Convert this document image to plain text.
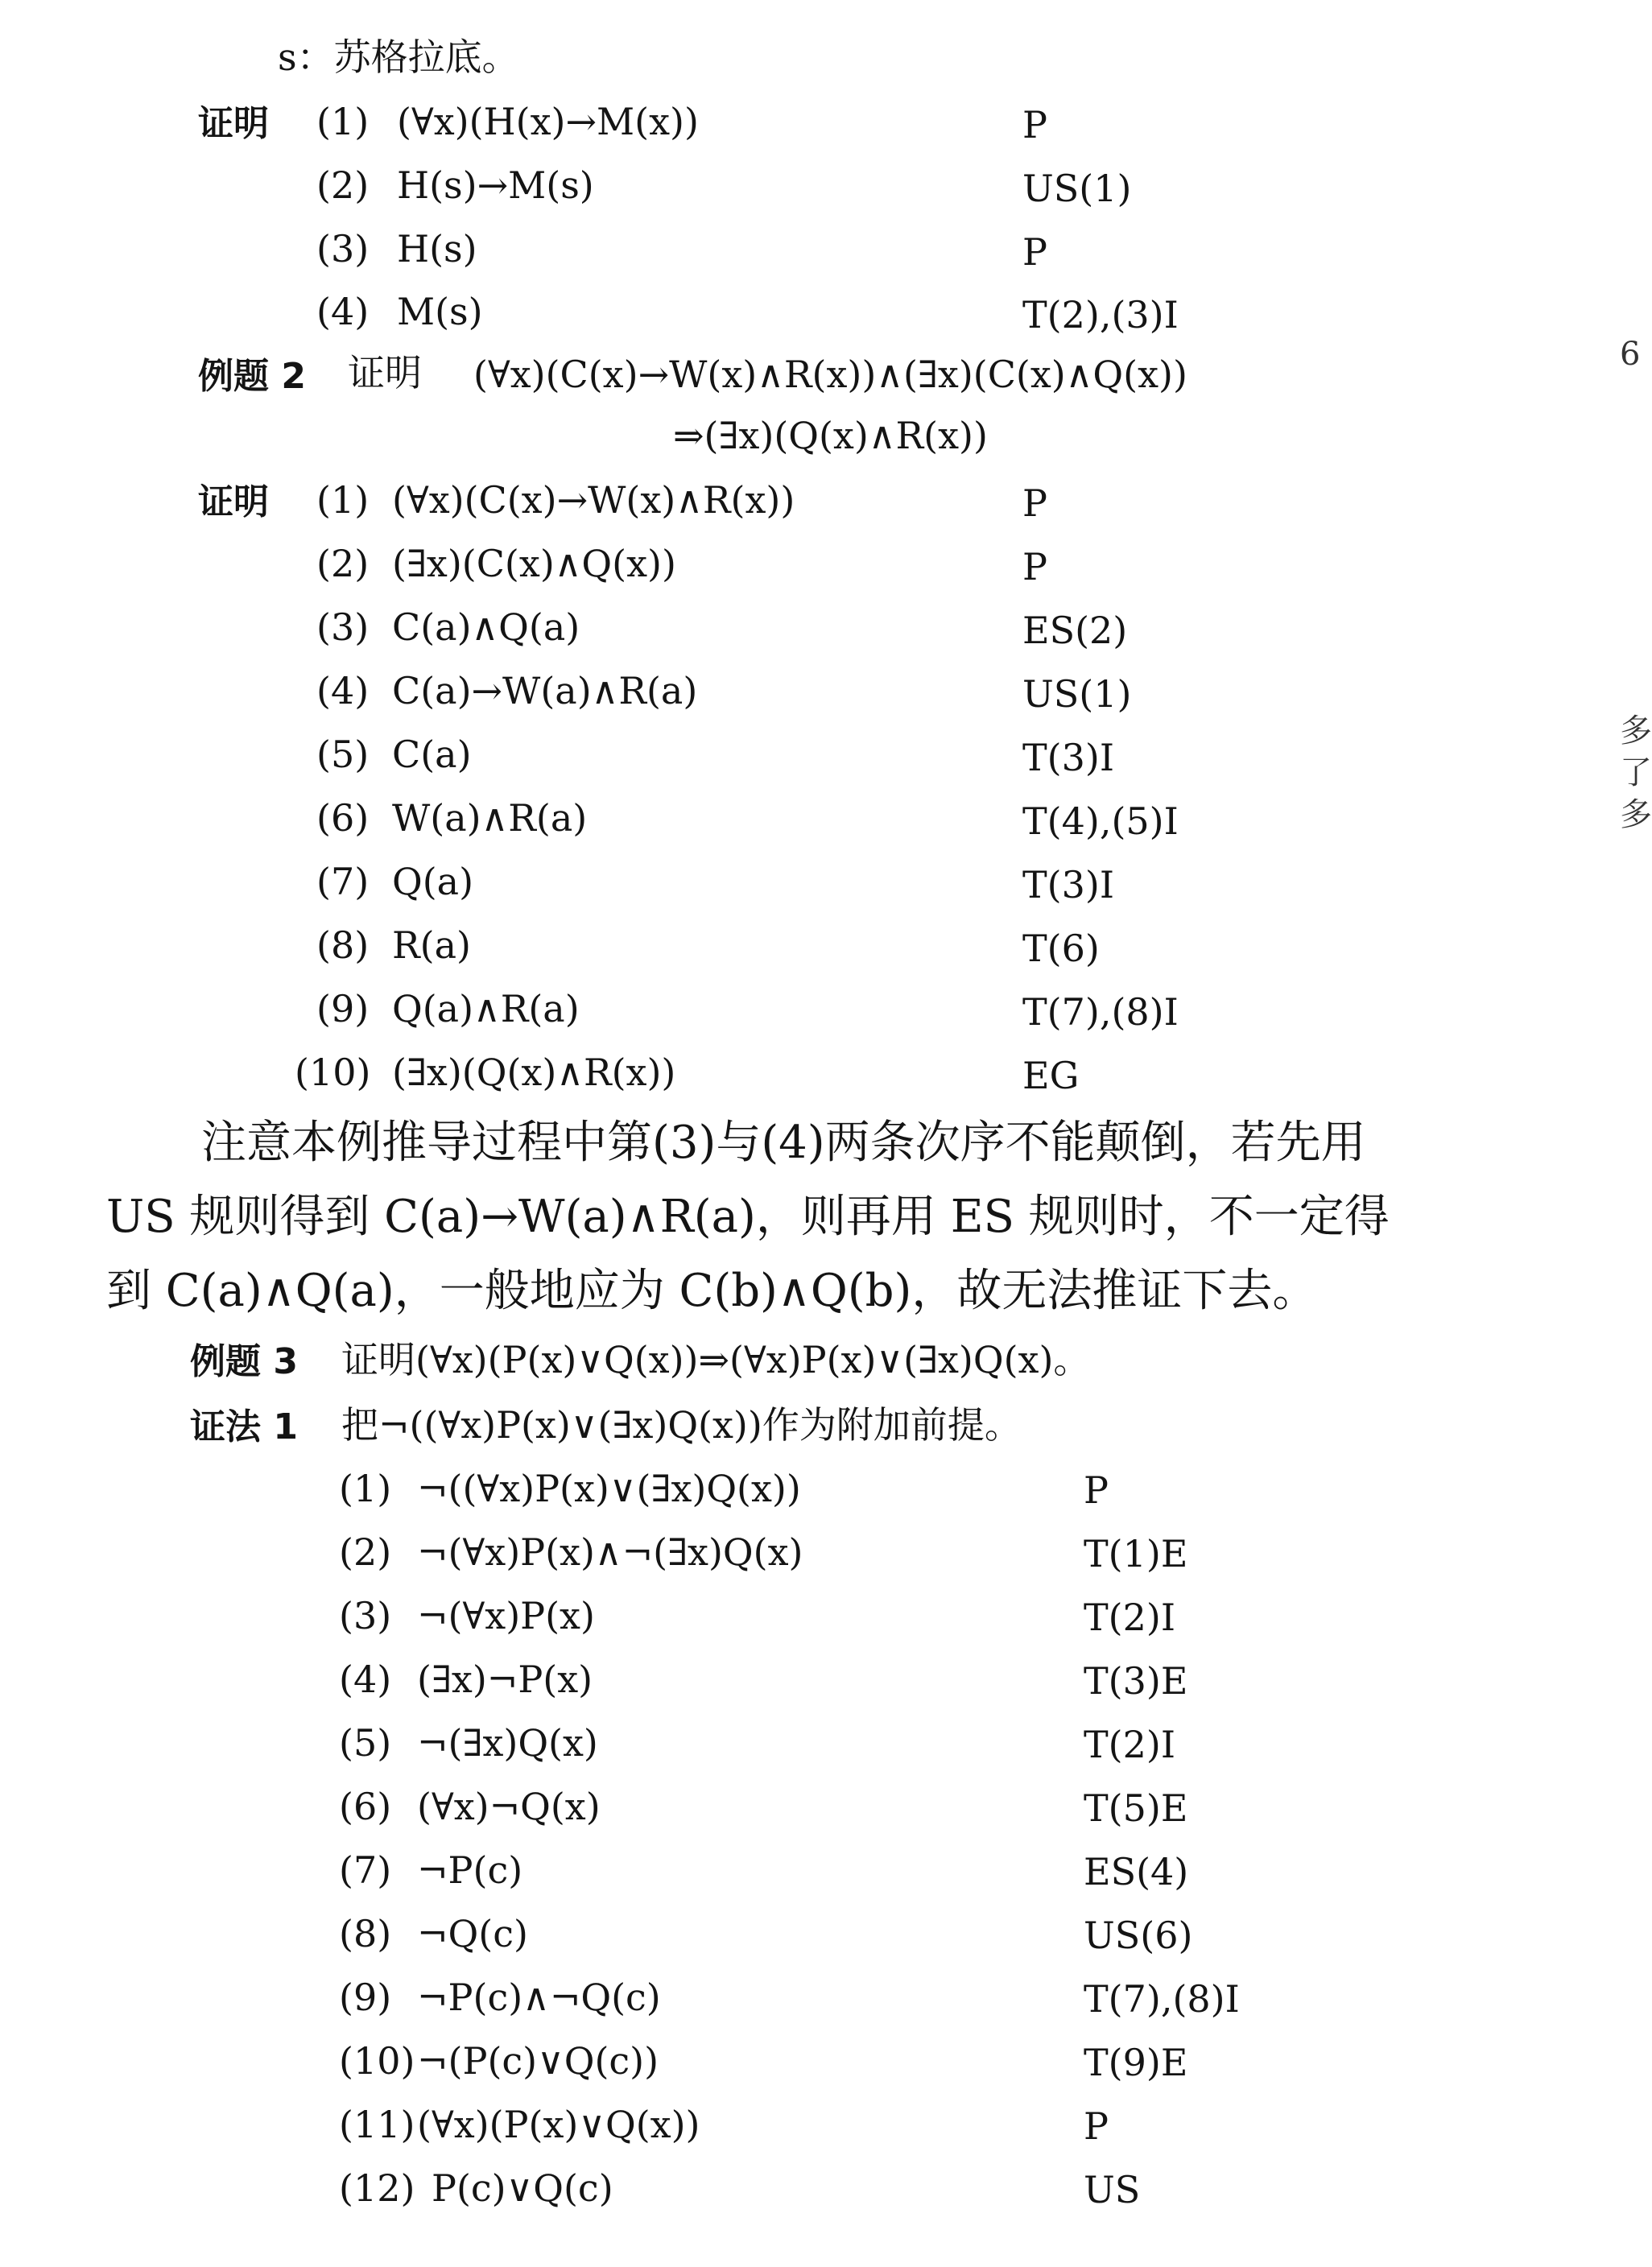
s：苏格拉底。
证明 (1) (∀x)(H(x)→M(x))	P
(2) H(s)→M(s)	US(1)
(3) H(s)	P
(4) M(s)	T(2),(3)I
例题 2 证明 (∀x)(C(x)→W(x)∧R(x))∧(∃x)(C(x)∧Q(x))
⇒(∃x)(Q(x)∧R(x))
证明 (1) (∀x)(C(x)→W(x)∧R(x))	P
(2) (∃x)(C(x)∧Q(x))	P
(3) C(a)∧Q(a)	ES(2)
(4) C(a)→W(a)∧R(a)	US(1)
(5) C(a)	T(3)I
(6) W(a)∧R(a)	T(4),(5)I
(7) Q(a)	T(3)I
(8) R(a)	T(6)
(9) Q(a)∧R(a)	T(7),(8)I
(10) (∃x)(Q(x)∧R(x))	EG
注意本例推导过程中第(3)与(4)两条次序不能颠倒，若先用
US 规则得到 C(a)→W(a)∧R(a)，则再用 ES 规则时，不一定得
到 C(a)∧Q(a)，一般地应为 C(b)∧Q(b)，故无法推证下去。
例题 3 证明(∀x)(P(x)∨Q(x))⇒(∀x)P(x)∨(∃x)Q(x)。
证法 1 把¬((∀x)P(x)∨(∃x)Q(x))作为附加前提。
(1) ¬((∀x)P(x)∨(∃x)Q(x))	P
(2) ¬(∀x)P(x)∧¬(∃x)Q(x)	T(1)E
(3) ¬(∀x)P(x)	T(2)I
(4) (∃x)¬P(x)	T(3)E
(5) ¬(∃x)Q(x)	T(2)I
(6) (∀x)¬Q(x)	T(5)E
(7) ¬P(c)	ES(4)
(8) ¬Q(c)	US(6)
(9) ¬P(c)∧¬Q(c)	T(7),(8)I
(10) ¬(P(c)∨Q(c))	T(9)E
(11) (∀x)(P(x)∨Q(x))	P
(12) P(c)∨Q(c)	US
6
多
了
多
